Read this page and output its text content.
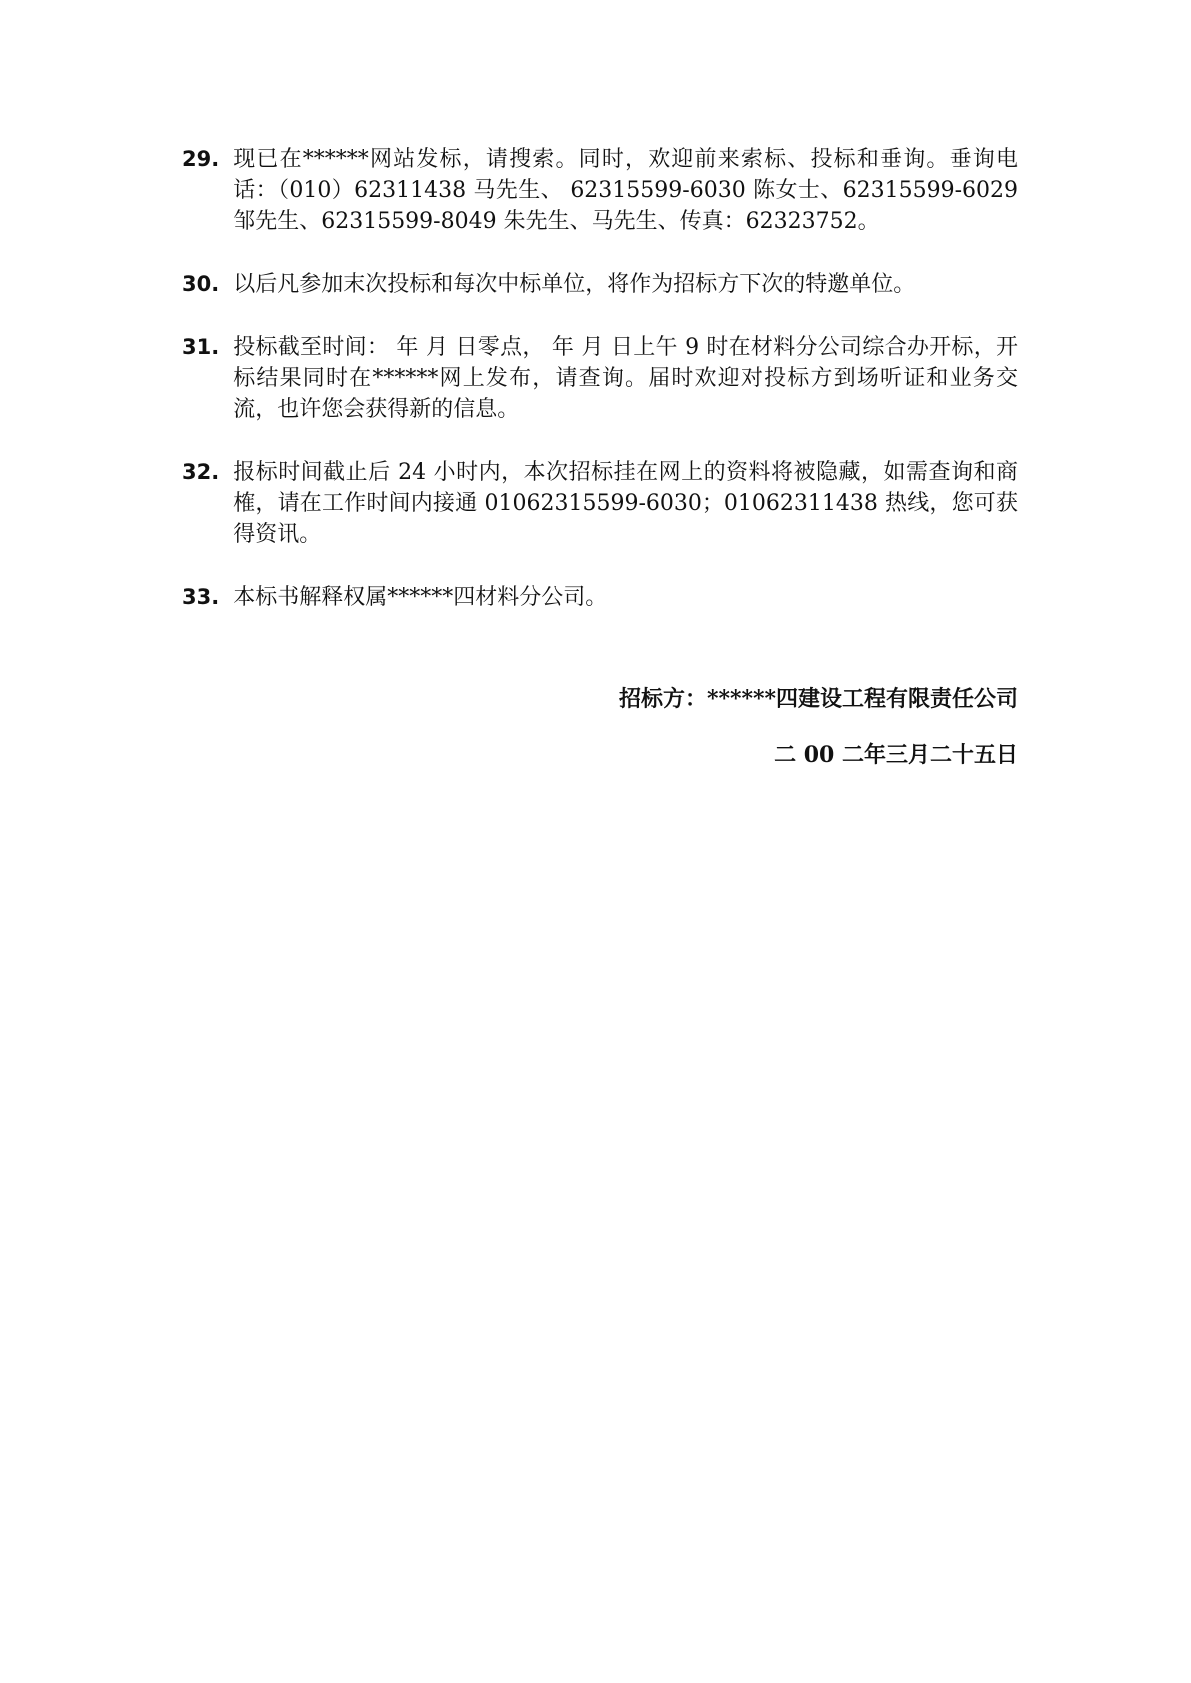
29. 现已在******网站发标，请搜索。同时，欢迎前来索标、投标和垂询。垂询电话：（010）62311438 马先生、 62315599-6030 陈女士、62315599-6029 邹先生、62315599-8049 朱先生、马先生、传真：62323752。
30. 以后凡参加末次投标和每次中标单位，将作为招标方下次的特邀单位。
31. 投标截至时间： 年 月 日零点， 年 月 日上午 9 时在材料分公司综合办开标，开标结果同时在******网上发布，请查询。届时欢迎对投标方到场听证和业务交流，也许您会获得新的信息。
32. 报标时间截止后 24 小时内，本次招标挂在网上的资料将被隐藏，如需查询和商榷，请在工作时间内接通 01062315599-6030；01062311438 热线，您可获得资讯。
33. 本标书解释权属******四材料分公司。
招标方：******四建设工程有限责任公司
二 00 二年三月二十五日
